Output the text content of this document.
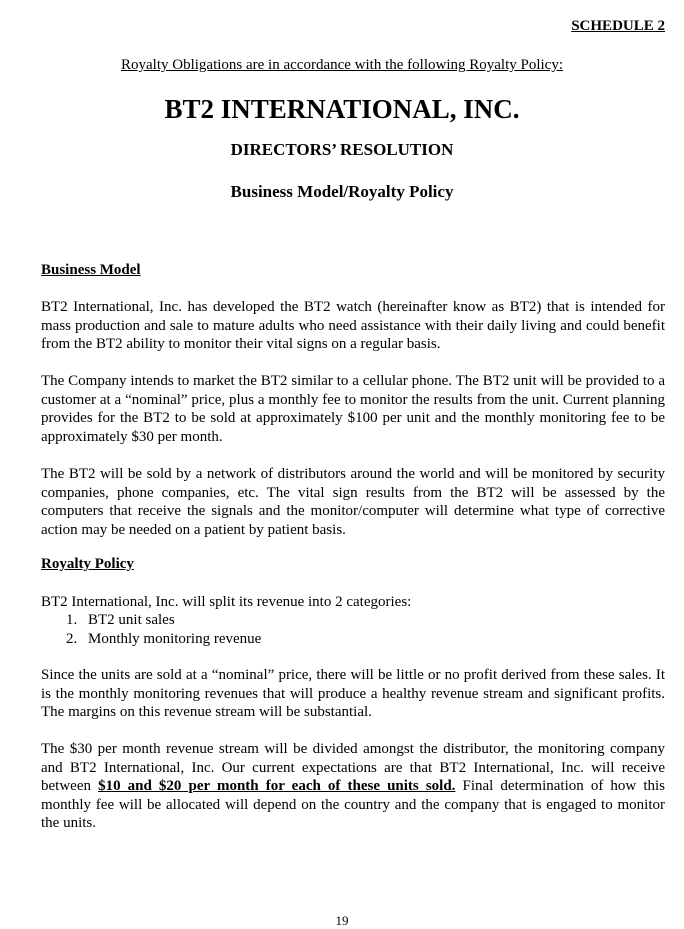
SCHEDULE 2
Royalty Obligations are in accordance with the following Royalty Policy:
BT2 INTERNATIONAL, INC.
DIRECTORS’ RESOLUTION
Business Model/Royalty Policy
Business Model

BT2 International, Inc. has developed the BT2 watch (hereinafter know as BT2) that is intended for mass production and sale to mature adults who need assistance with their daily living and could benefit from the BT2 ability to monitor their vital signs on a regular basis.

The Company intends to market the BT2 similar to a cellular phone. The BT2 unit will be provided to a customer at a “nominal” price, plus a monthly fee to monitor the results from the unit. Current planning provides for the BT2 to be sold at approximately $100 per unit and the monthly monitoring fee to be approximately $30 per month.

The BT2 will be sold by a network of distributors around the world and will be monitored by security companies, phone companies, etc. The vital sign results from the BT2 will be assessed by the computers that receive the signals and the monitor/computer will determine what type of corrective action may be needed on a patient by patient basis.

Royalty Policy

BT2 International, Inc. will split its revenue into 2 categories:

1. BT2 unit sales
2. Monthly monitoring revenue

Since the units are sold at a “nominal” price, there will be little or no profit derived from these sales. It is the monthly monitoring revenues that will produce a healthy revenue stream and significant profits. The margins on this revenue stream will be substantial.

The $30 per month revenue stream will be divided amongst the distributor, the monitoring company and BT2 International, Inc. Our current expectations are that BT2 International, Inc. will receive between $10 and $20 per month for each of these units sold. Final determination of how this monthly fee will be allocated will depend on the country and the company that is engaged to monitor the units.

19
